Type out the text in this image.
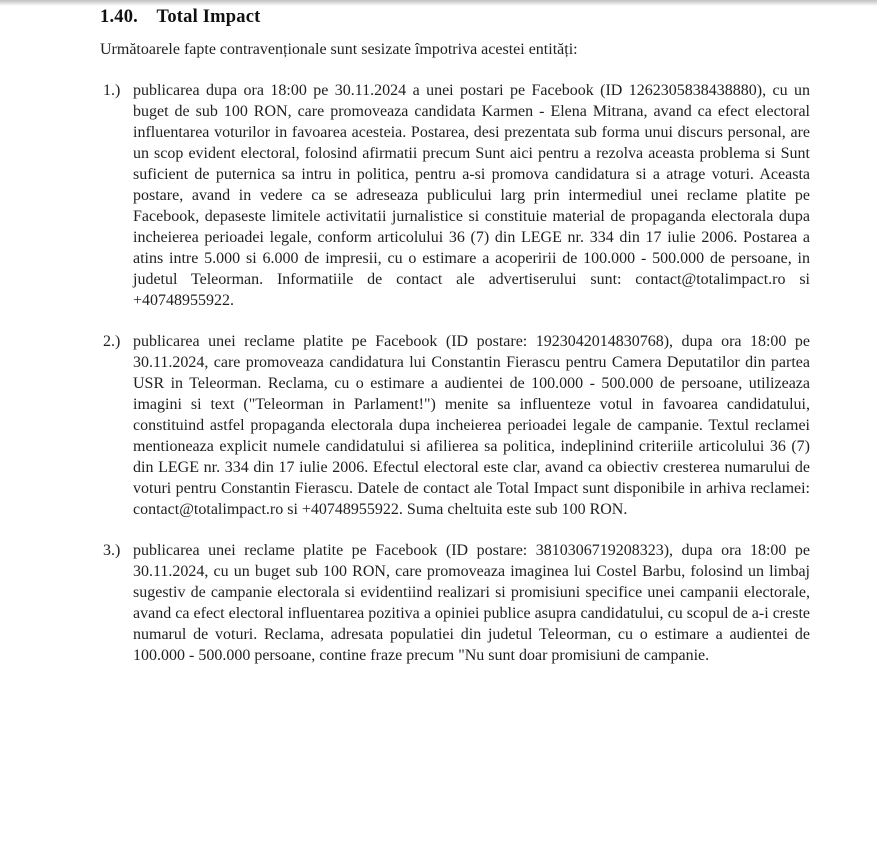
1.40. Total Impact

Următoarele fapte contravenționale sunt sesizate împotriva acestei entități:

1.) publicarea dupa ora 18:00 pe 30.11.2024 a unei postari pe Facebook (ID 1262305838438880), cu un buget de sub 100 RON, care promoveaza candidata Karmen - Elena Mitrana, avand ca efect electoral influentarea voturilor in favoarea acesteia. Postarea, desi prezentata sub forma unui discurs personal, are un scop evident electoral, folosind afirmatii precum Sunt aici pentru a rezolva aceasta problema si Sunt suficient de puternica sa intru in politica, pentru a-si promova candidatura si a atrage voturi. Aceasta postare, avand in vedere ca se adreseaza publicului larg prin intermediul unei reclame platite pe Facebook, depaseste limitele activitatii jurnalistice si constituie material de propaganda electorala dupa incheierea perioadei legale, conform articolului 36 (7) din LEGE nr. 334 din 17 iulie 2006. Postarea a atins intre 5.000 si 6.000 de impresii, cu o estimare a acoperirii de 100.000 - 500.000 de persoane, in judetul Teleorman. Informatiile de contact ale advertiserului sunt: contact@totalimpact.ro si +40748955922.

2.) publicarea unei reclame platite pe Facebook (ID postare: 1923042014830768), dupa ora 18:00 pe 30.11.2024, care promoveaza candidatura lui Constantin Fierascu pentru Camera Deputatilor din partea USR in Teleorman. Reclama, cu o estimare a audientei de 100.000 - 500.000 de persoane, utilizeaza imagini si text ("Teleorman in Parlament!") menite sa influenteze votul in favoarea candidatului, constituind astfel propaganda electorala dupa incheierea perioadei legale de campanie. Textul reclamei mentioneaza explicit numele candidatului si afilierea sa politica, indeplinind criteriile articolului 36 (7) din LEGE nr. 334 din 17 iulie 2006. Efectul electoral este clar, avand ca obiectiv cresterea numarului de voturi pentru Constantin Fierascu. Datele de contact ale Total Impact sunt disponibile in arhiva reclamei: contact@totalimpact.ro si +40748955922. Suma cheltuita este sub 100 RON.

3.) publicarea unei reclame platite pe Facebook (ID postare: 3810306719208323), dupa ora 18:00 pe 30.11.2024, cu un buget sub 100 RON, care promoveaza imaginea lui Costel Barbu, folosind un limbaj sugestiv de campanie electorala si evidentiind realizari si promisiuni specifice unei campanii electorale, avand ca efect electoral influentarea pozitiva a opiniei publice asupra candidatului, cu scopul de a-i creste numarul de voturi. Reclama, adresata populatiei din judetul Teleorman, cu o estimare a audientei de 100.000 - 500.000 persoane, contine fraze precum "Nu sunt doar promisiuni de campanie.
